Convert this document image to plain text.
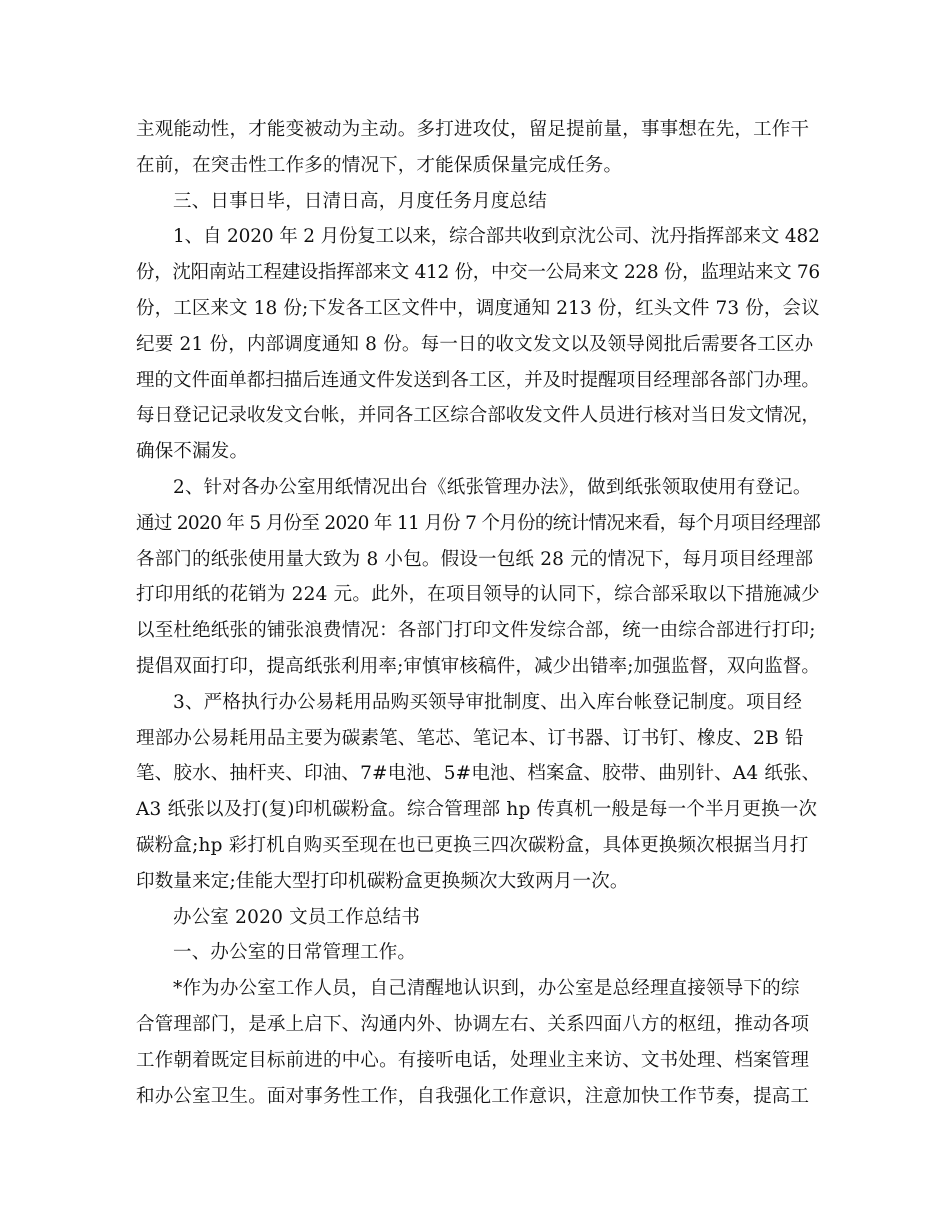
主观能动性，才能变被动为主动。多打进攻仗，留足提前量，事事想在先，工作干
在前，在突击性工作多的情况下，才能保质保量完成任务。
三、日事日毕，日清日高，月度任务月度总结
1、自 2020 年 2 月份复工以来，综合部共收到京沈公司、沈丹指挥部来文 482
份，沈阳南站工程建设指挥部来文 412 份，中交一公局来文 228 份，监理站来文 76
份，工区来文 18 份;下发各工区文件中，调度通知 213 份，红头文件 73 份，会议
纪要 21 份，内部调度通知 8 份。每一日的收文发文以及领导阅批后需要各工区办
理的文件面单都扫描后连通文件发送到各工区，并及时提醒项目经理部各部门办理。
每日登记记录收发文台帐，并同各工区综合部收发文件人员进行核对当日发文情况，
确保不漏发。
2、针对各办公室用纸情况出台《纸张管理办法》，做到纸张领取使用有登记。
通过 2020 年 5 月份至 2020 年 11 月份 7 个月份的统计情况来看，每个月项目经理部
各部门的纸张使用量大致为 8 小包。假设一包纸 28 元的情况下，每月项目经理部
打印用纸的花销为 224 元。此外，在项目领导的认同下，综合部采取以下措施减少
以至杜绝纸张的铺张浪费情况：各部门打印文件发综合部，统一由综合部进行打印;
提倡双面打印，提高纸张利用率;审慎审核稿件，减少出错率;加强监督，双向监督。
3、严格执行办公易耗用品购买领导审批制度、出入库台帐登记制度。项目经
理部办公易耗用品主要为碳素笔、笔芯、笔记本、订书器、订书钉、橡皮、2B 铅
笔、胶水、抽杆夹、印油、7#电池、5#电池、档案盒、胶带、曲别针、A4 纸张、
A3 纸张以及打(复)印机碳粉盒。综合管理部 hp 传真机一般是每一个半月更换一次
碳粉盒;hp 彩打机自购买至现在也已更换三四次碳粉盒，具体更换频次根据当月打
印数量来定;佳能大型打印机碳粉盒更换频次大致两月一次。
办公室 2020 文员工作总结书
一、办公室的日常管理工作。
*作为办公室工作人员，自己清醒地认识到，办公室是总经理直接领导下的综
合管理部门，是承上启下、沟通内外、协调左右、关系四面八方的枢纽，推动各项
工作朝着既定目标前进的中心。有接听电话，处理业主来访、文书处理、档案管理
和办公室卫生。面对事务性工作，自我强化工作意识，注意加快工作节奏，提高工
